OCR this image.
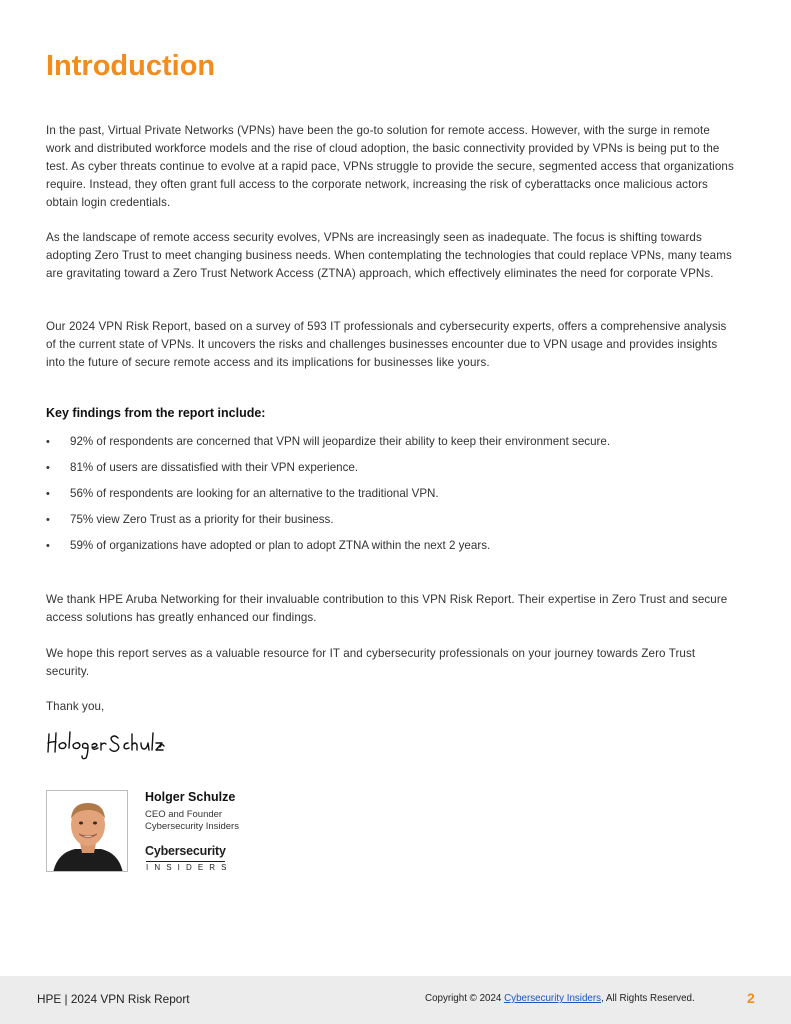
Introduction

In the past, Virtual Private Networks (VPNs) have been the go-to solution for remote access. However, with the surge in remote work and distributed workforce models and the rise of cloud adoption, the basic connectivity provided by VPNs is being put to the test. As cyber threats continue to evolve at a rapid pace, VPNs struggle to provide the secure, segmented access that organizations require. Instead, they often grant full access to the corporate network, increasing the risk of cyberattacks once malicious actors obtain login credentials.

As the landscape of remote access security evolves, VPNs are increasingly seen as inadequate. The focus is shifting towards adopting Zero Trust to meet changing business needs. When contemplating the technologies that could replace VPNs, many teams are gravitating toward a Zero Trust Network Access (ZTNA) approach, which effectively eliminates the need for corporate VPNs.

Our 2024 VPN Risk Report, based on a survey of 593 IT professionals and cybersecurity experts, offers a comprehensive analysis of the current state of VPNs. It uncovers the risks and challenges businesses encounter due to VPN usage and provides insights into the future of secure remote access and its implications for businesses like yours.

Key findings from the report include:

• 92% of respondents are concerned that VPN will jeopardize their ability to keep their environment secure.
• 81% of users are dissatisfied with their VPN experience.
• 56% of respondents are looking for an alternative to the traditional VPN.
• 75% view Zero Trust as a priority for their business.
• 59% of organizations have adopted or plan to adopt ZTNA within the next 2 years.

We thank HPE Aruba Networking for their invaluable contribution to this VPN Risk Report. Their expertise in Zero Trust and secure access solutions has greatly enhanced our findings.

We hope this report serves as a valuable resource for IT and cybersecurity professionals on your journey towards Zero Trust security.

Thank you,

Holger Schulze
CEO and Founder
Cybersecurity Insiders
Cybersecurity
INSIDERS
HPE | 2024 VPN Risk Report	Copyright © 2024 Cybersecurity Insiders, All Rights Reserved.	2
